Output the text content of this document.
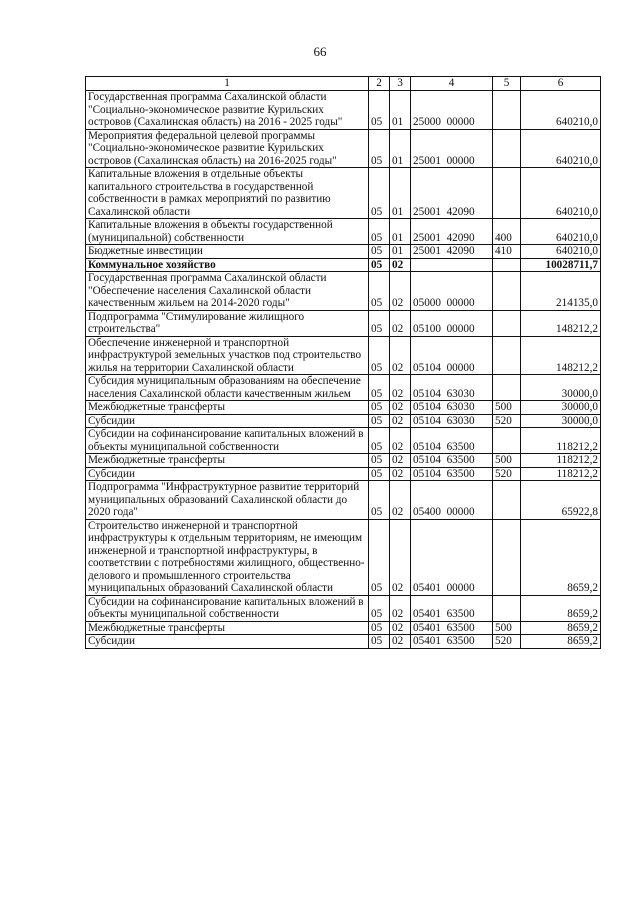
66
1	2	3	4	5	6
Государственная программа Сахалинской области "Социально-экономическое развитие Курильских островов (Сахалинская область) на 2016 - 2025 годы"	05	01	25000  00000		640210,0
Мероприятия федеральной целевой программы "Социально-экономическое развитие Курильских островов (Сахалинская область) на 2016-2025 годы"	05	01	25001  00000		640210,0
Капитальные вложения в отдельные объекты капитального строительства в государственной собственности в рамках мероприятий по развитию Сахалинской области	05	01	25001  42090		640210,0
Капитальные вложения в объекты государственной (муниципальной) собственности	05	01	25001  42090	400	640210,0
Бюджетные инвестиции	05	01	25001  42090	410	640210,0
Коммунальное хозяйство	05	02			10028711,7
Государственная программа Сахалинской области "Обеспечение населения Сахалинской области качественным жильем на 2014-2020 годы"	05	02	05000  00000		214135,0
Подпрограмма "Стимулирование жилищного строительства"	05	02	05100  00000		148212,2
Обеспечение инженерной и транспортной инфраструктурой земельных участков под строительство жилья на территории Сахалинской области	05	02	05104  00000		148212,2
Субсидия муниципальным образованиям на обеспечение населения Сахалинской области качественным жильем	05	02	05104  63030		30000,0
Межбюджетные трансферты	05	02	05104  63030	500	30000,0
Субсидии	05	02	05104  63030	520	30000,0
Субсидии на софинансирование капитальных вложений в объекты муниципальной собственности	05	02	05104  63500		118212,2
Межбюджетные трансферты	05	02	05104  63500	500	118212,2
Субсидии	05	02	05104  63500	520	118212,2
Подпрограмма "Инфраструктурное развитие территорий муниципальных образований Сахалинской области до 2020 года"	05	02	05400  00000		65922,8
Строительство инженерной и транспортной инфраструктуры к отдельным территориям, не имеющим инженерной и транспортной инфраструктуры, в соответствии с потребностями жилищного, общественно-делового и промышленного строительства муниципальных образований Сахалинской области	05	02	05401  00000		8659,2
Субсидии на софинансирование капитальных вложений в объекты муниципальной собственности	05	02	05401  63500		8659,2
Межбюджетные трансферты	05	02	05401  63500	500	8659,2
Субсидии	05	02	05401  63500	520	8659,2
